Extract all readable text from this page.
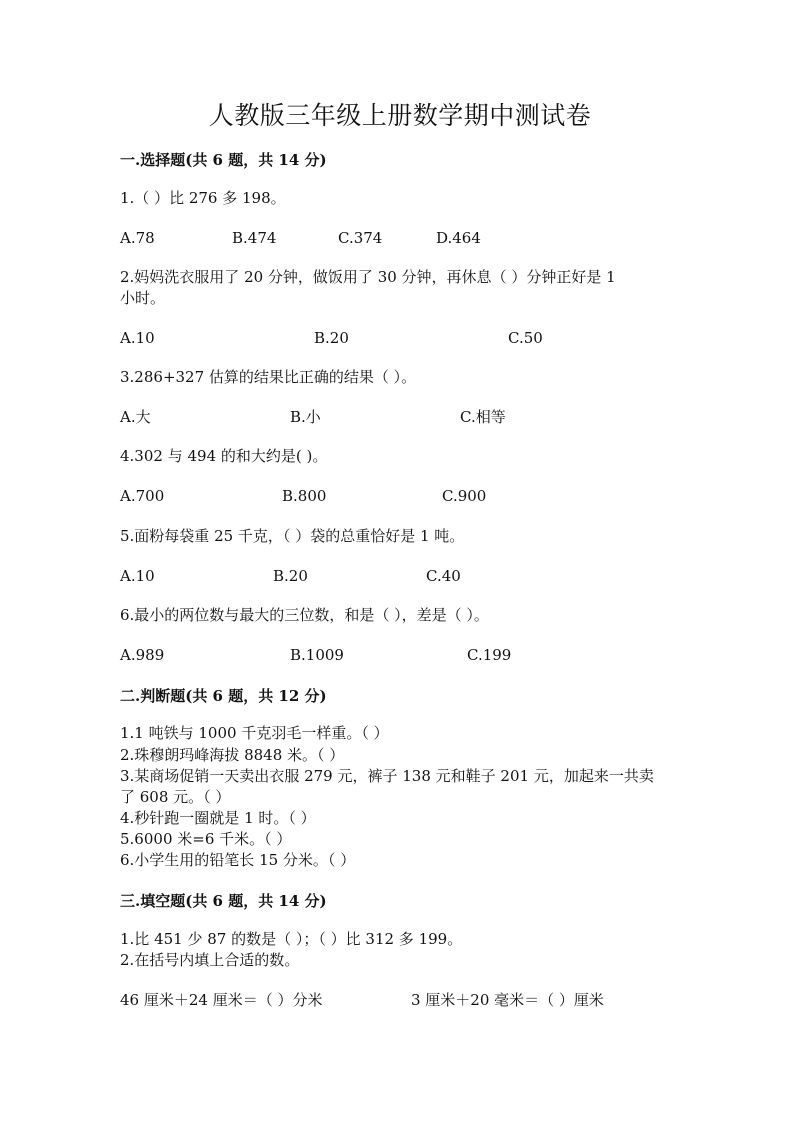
人教版三年级上册数学期中测试卷
一.选择题(共 6 题，共 14 分)
1.（ ）比 276 多 198。
A.78	B.474	C.374	D.464
2.妈妈洗衣服用了 20 分钟，做饭用了 30 分钟，再休息（ ）分钟正好是 1
小时。
A.10	B.20	C.50
3.286+327 估算的结果比正确的结果（ ）。
A.大	B.小	C.相等
4.302 与 494 的和大约是( )。
A.700	B.800	C.900
5.面粉每袋重 25 千克，（ ）袋的总重恰好是 1 吨。
A.10	B.20	C.40
6.最小的两位数与最大的三位数，和是（ ），差是（ ）。
A.989	B.1009	C.199
二.判断题(共 6 题，共 12 分)
1.1 吨铁与 1000 千克羽毛一样重。（ ）
2.珠穆朗玛峰海拔 8848 米。（ ）
3.某商场促销一天卖出衣服 279 元，裤子 138 元和鞋子 201 元，加起来一共卖
了 608 元。（ ）
4.秒针跑一圈就是 1 时。（ ）
5.6000 米=6 千米。（ ）
6.小学生用的铅笔长 15 分米。（ ）
三.填空题(共 6 题，共 14 分)
1.比 451 少 87 的数是（ ）；（ ）比 312 多 199。
2.在括号内填上合适的数。
46 厘米＋24 厘米＝（ ）分米	3 厘米＋20 毫米＝（ ）厘米
